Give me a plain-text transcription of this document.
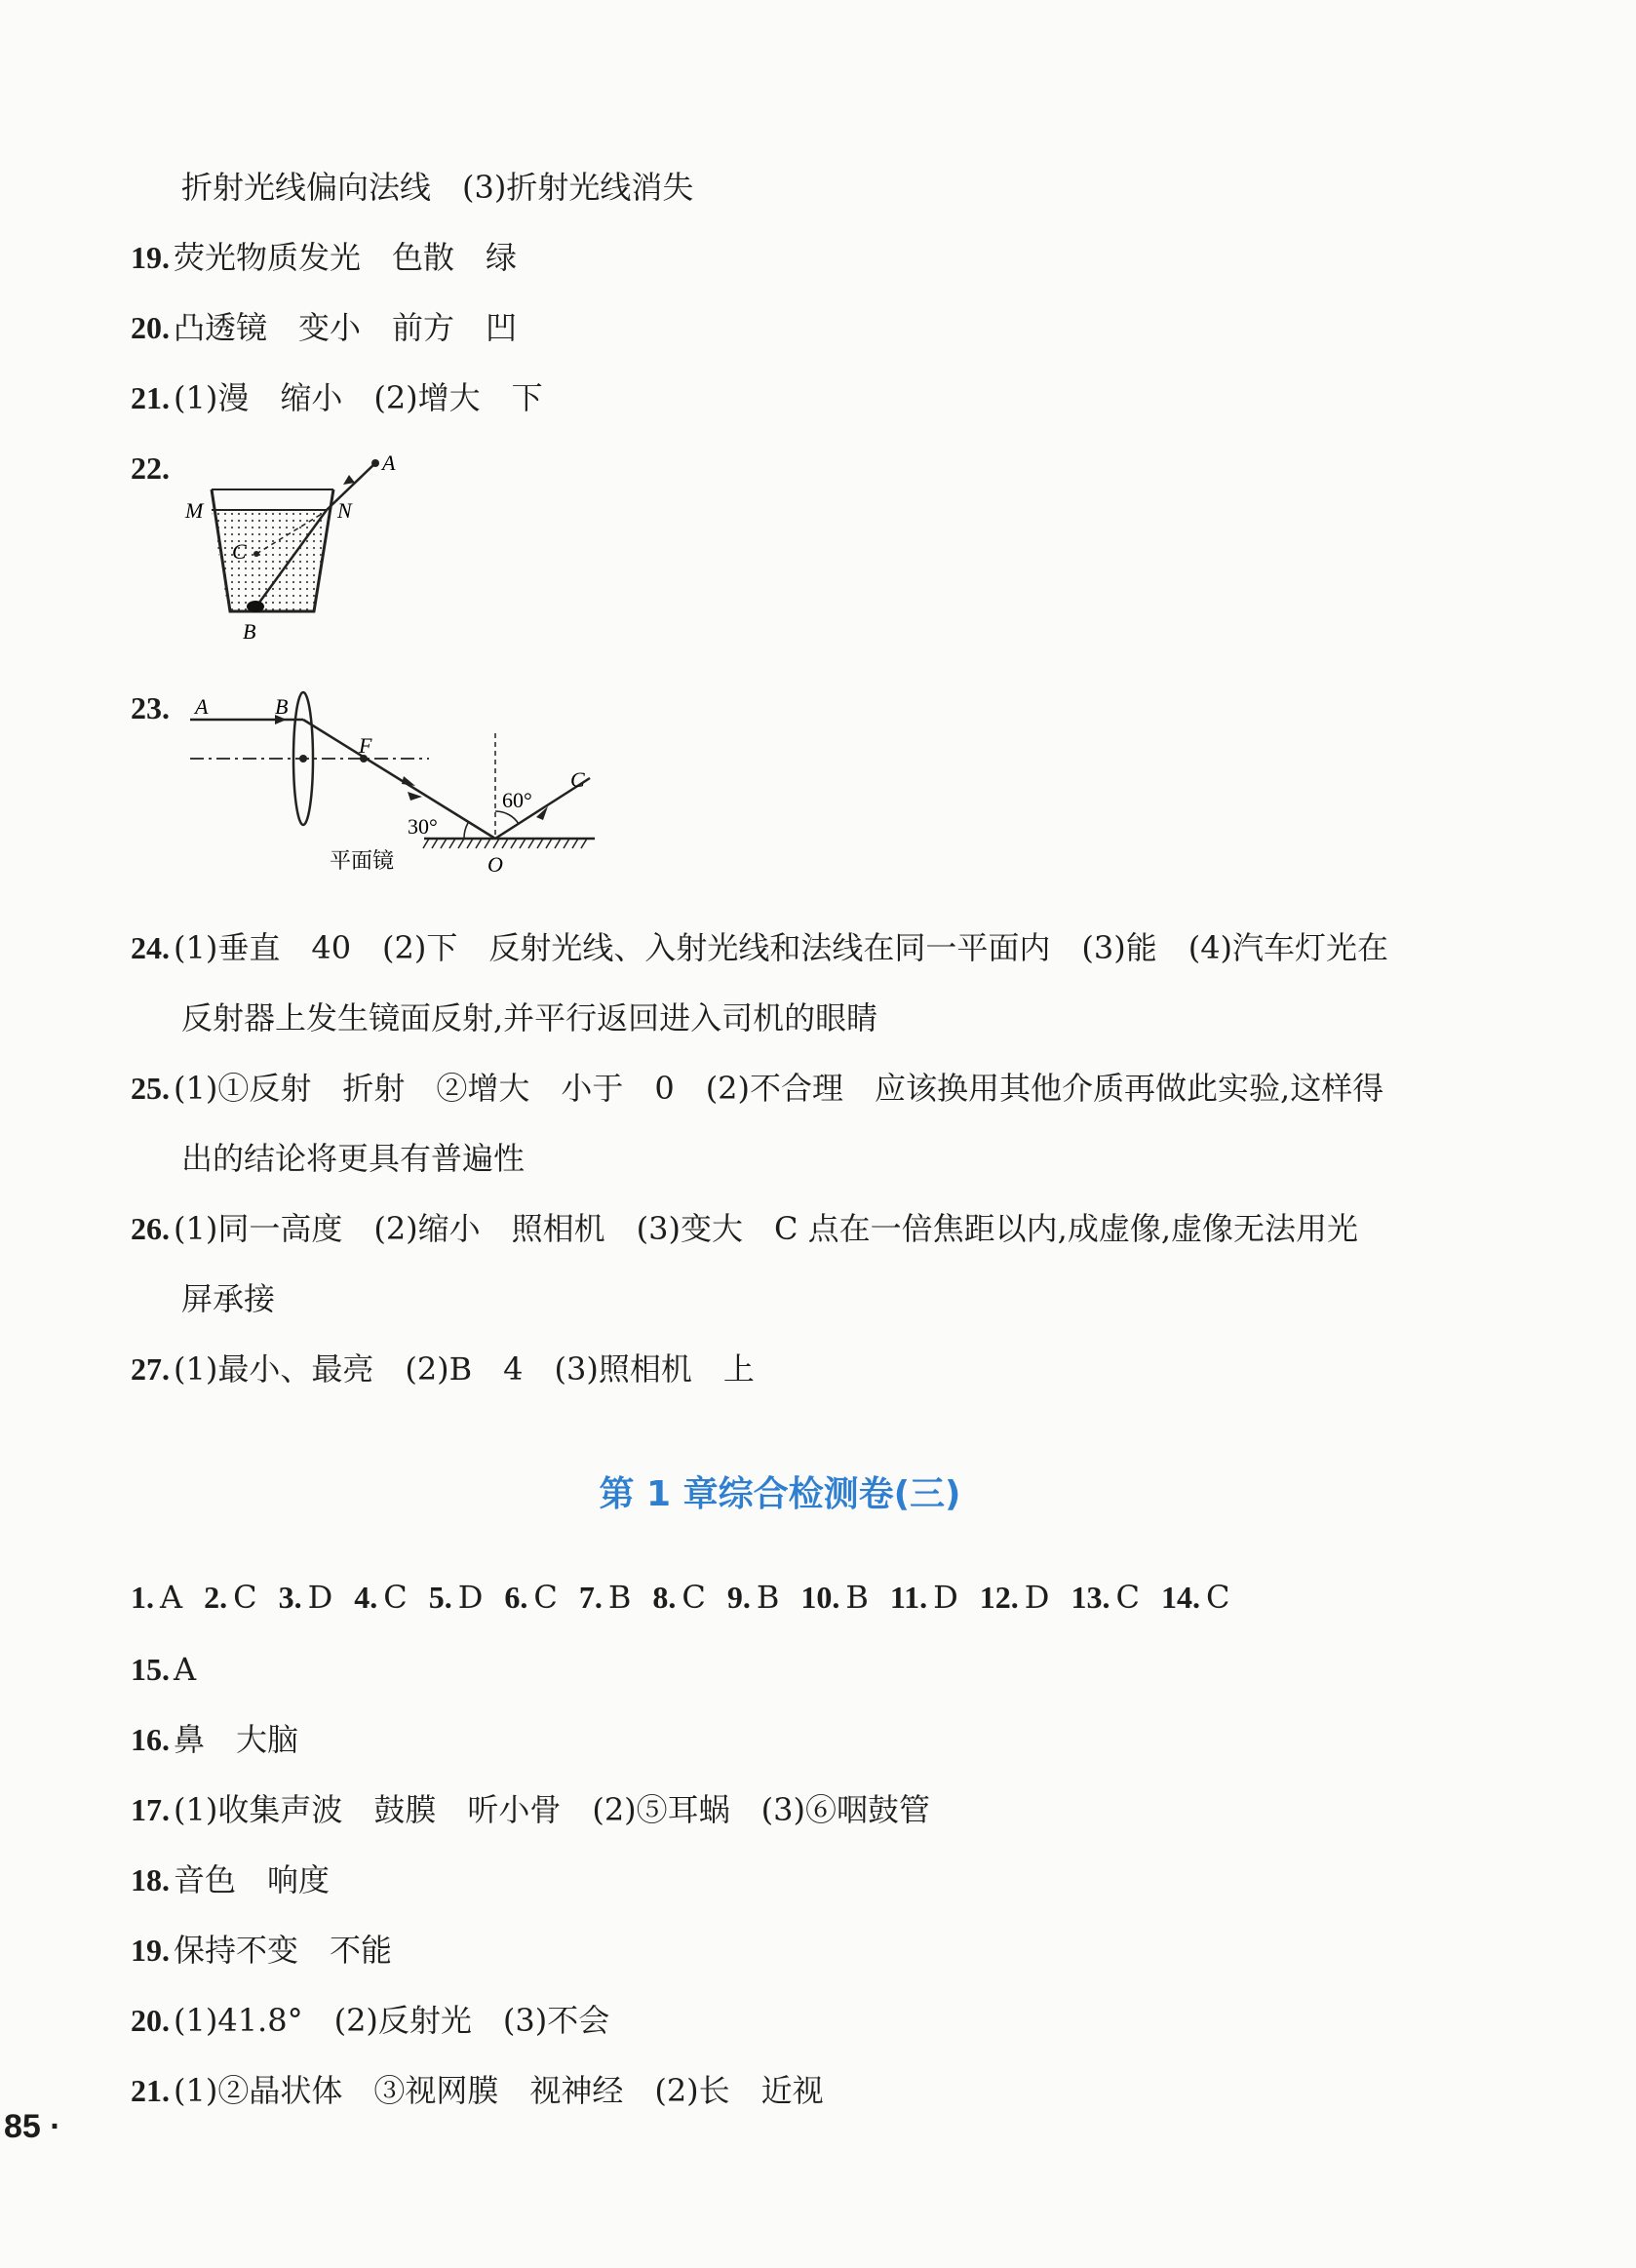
折射光线偏向法线　(3)折射光线消失
19. 荧光物质发光　色散　绿
20. 凸透镜　变小　前方　凹
21. (1)漫　缩小　(2)增大　下
22.	A
M	N
C
B
23. A	B
F
C
O
60°
30°
平面镜
24. (1)垂直　40　(2)下　反射光线、入射光线和法线在同一平面内　(3)能　(4)汽车灯光在
反射器上发生镜面反射,并平行返回进入司机的眼睛
25. (1)①反射　折射　②增大　小于　0　(2)不合理　应该换用其他介质再做此实验,这样得
出的结论将更具有普遍性
26. (1)同一高度　(2)缩小　照相机　(3)变大　C 点在一倍焦距以内,成虚像,虚像无法用光
屏承接
27. (1)最小、最亮　(2)B　4　(3)照相机　上
第 1 章综合检测卷(三)
1. A 2. C 3. D 4. C 5. D 6. C 7. B 8. C 9. B 10. B 11. D 12. D 13. C 14. C
15. A
16. 鼻　大脑
17. (1)收集声波　鼓膜　听小骨　(2)⑤耳蜗　(3)⑥咽鼓管
18. 音色　响度
19. 保持不变　不能
20. (1)41.8°　(2)反射光　(3)不会
21. (1)②晶状体　③视网膜　视神经　(2)长　近视
85 ·
